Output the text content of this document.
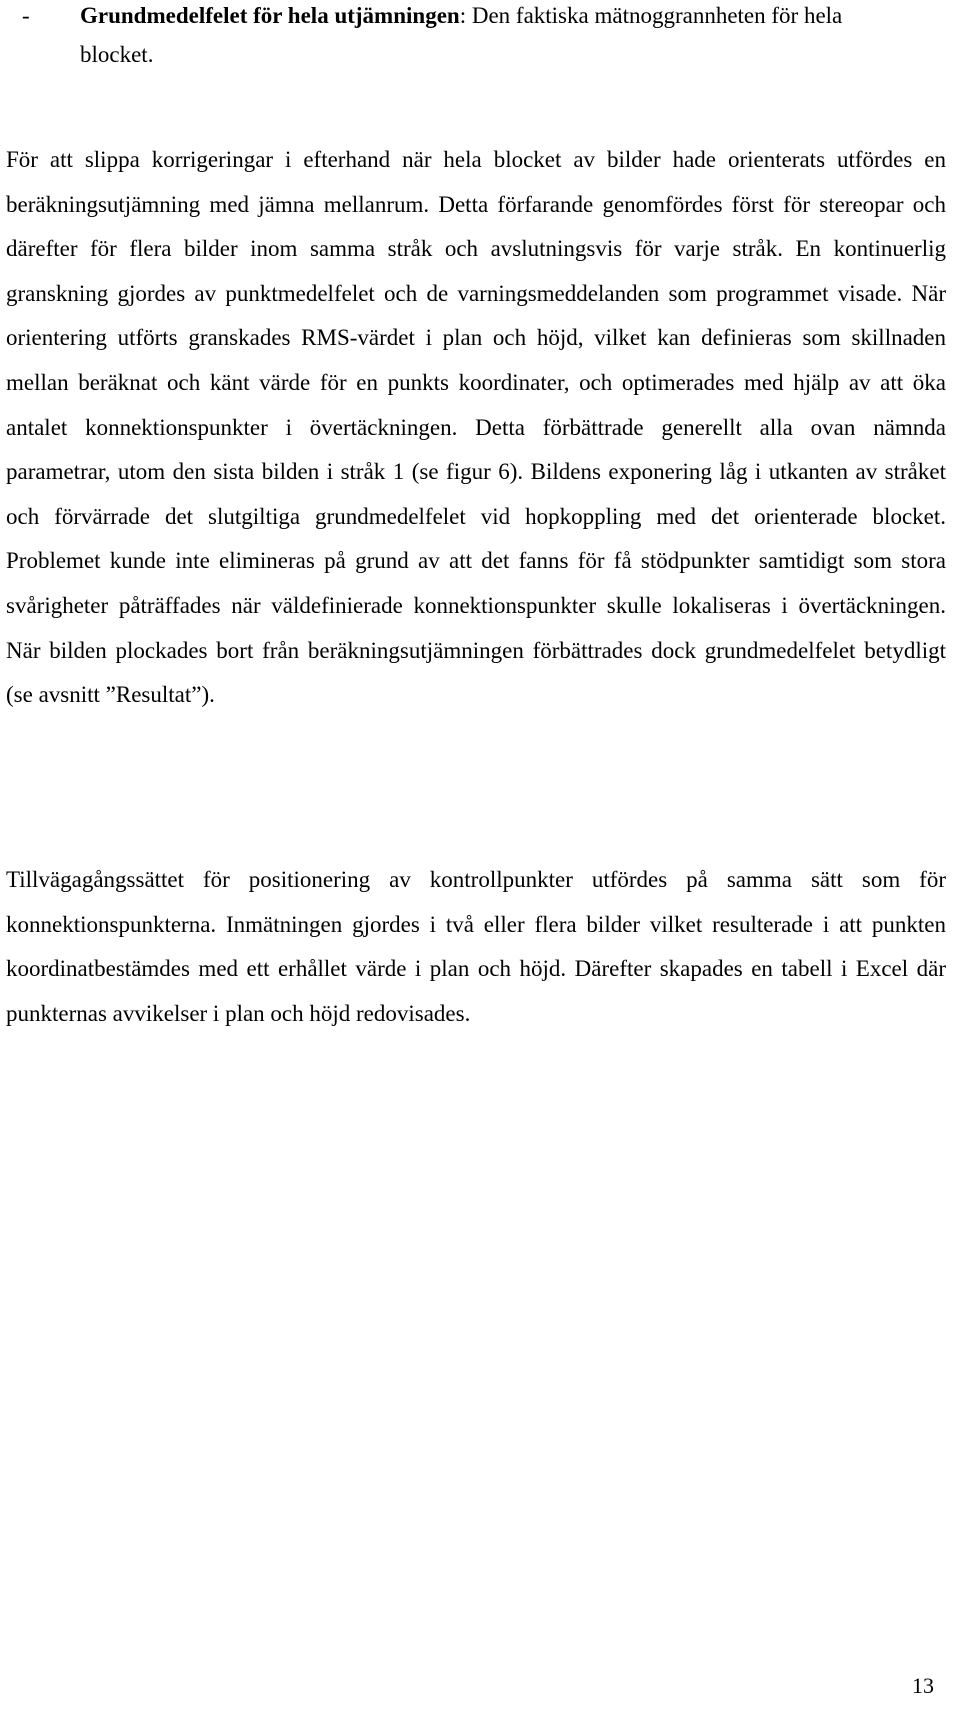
- Grundmedelfelet för hela utjämningen: Den faktiska mätnoggrannheten för hela blocket.

För att slippa korrigeringar i efterhand när hela blocket av bilder hade orienterats utfördes en beräkningsutjämning med jämna mellanrum. Detta förfarande genomfördes först för stereopar och därefter för flera bilder inom samma stråk och avslutningsvis för varje stråk. En kontinuerlig granskning gjordes av punktmedelfelet och de varningsmeddelanden som programmet visade. När orientering utförts granskades RMS-värdet i plan och höjd, vilket kan definieras som skillnaden mellan beräknat och känt värde för en punkts koordinater, och optimerades med hjälp av att öka antalet konnektionspunkter i övertäckningen. Detta förbättrade generellt alla ovan nämnda parametrar, utom den sista bilden i stråk 1 (se figur 6). Bildens exponering låg i utkanten av stråket och förvärrade det slutgiltiga grundmedelfelet vid hopkoppling med det orienterade blocket. Problemet kunde inte elimineras på grund av att det fanns för få stödpunkter samtidigt som stora svårigheter påträffades när väldefinierade konnektionspunkter skulle lokaliseras i övertäckningen. När bilden plockades bort från beräkningsutjämningen förbättrades dock grundmedelfelet betydligt (se avsnitt ”Resultat”).

Tillvägagångssättet för positionering av kontrollpunkter utfördes på samma sätt som för konnektionspunkterna. Inmätningen gjordes i två eller flera bilder vilket resulterade i att punkten koordinatbestämdes med ett erhållet värde i plan och höjd. Därefter skapades en tabell i Excel där punkternas avvikelser i plan och höjd redovisades.

13
